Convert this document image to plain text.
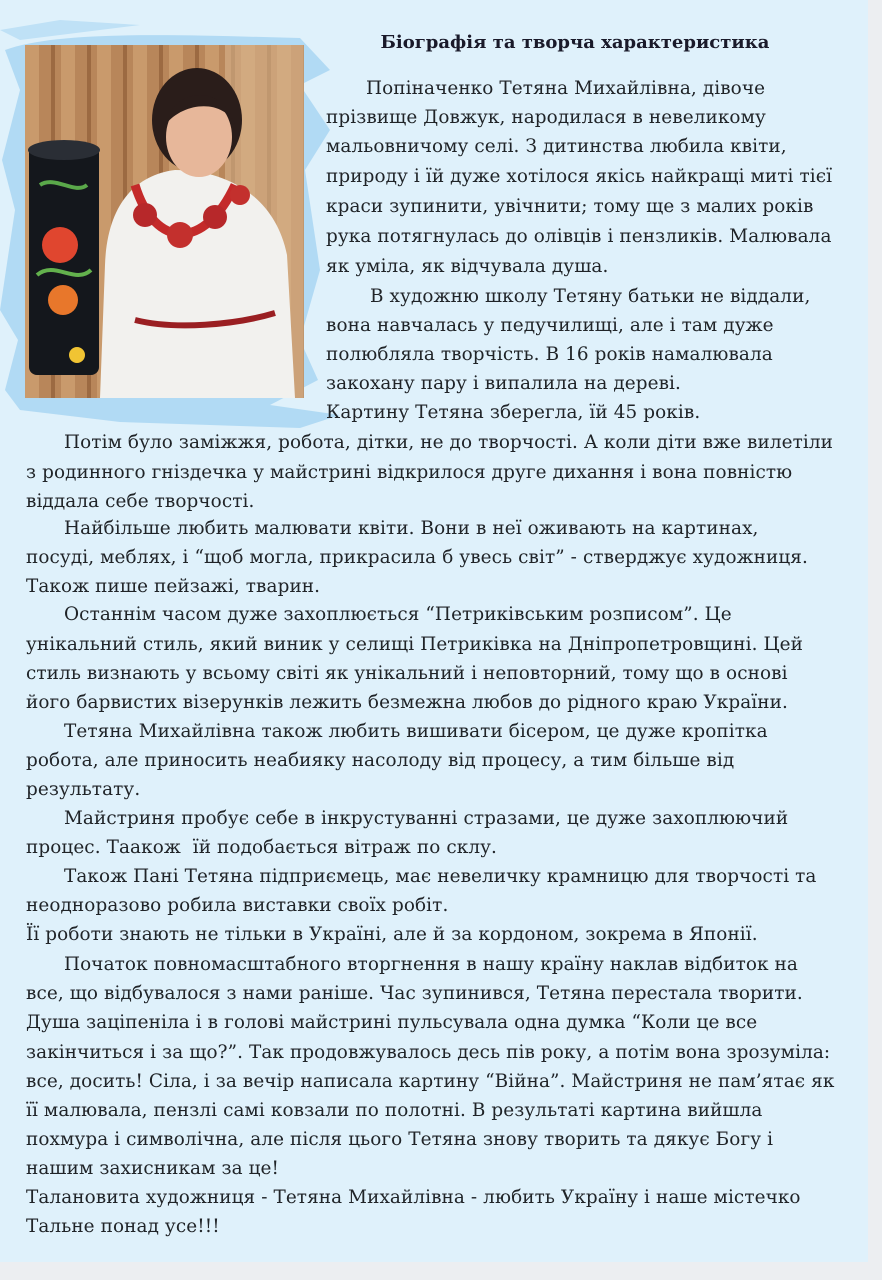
Біографія та творча характеристика
Попіначенко Тетяна Михайлівна, дівоче
прізвище Довжук, народилася в невеликому
мальовничому селі. З дитинства любила квіти,
природу і їй дуже хотілося якісь найкращі миті тієї
краси зупинити, увічнити; тому ще з малих років
рука потягнулась до олівців і пензликів. Малювала
як уміла, як відчувала душа.
В художню школу Тетяну батьки не віддали,
вона навчалась у педучилищі, але і там дуже
полюбляла творчість. В 16 років намалювала
закохану пару і випалила на дереві.
Картину Тетяна зберегла, їй 45 років.
Потім було заміжжя, робота, дітки, не до творчості. А коли діти вже вилетіли
з родинного гніздечка у майстрині відкрилося друге дихання і вона повністю
віддала себе творчості.
Найбільше любить малювати квіти. Вони в неї оживають на картинах,
посуді, меблях, і “щоб могла, прикрасила б увесь світ” - стверджує художниця.
Також пише пейзажі, тварин.
Останнім часом дуже захоплюється “Петриківським розписом”. Це
унікальний стиль, який виник у селищі Петриківка на Дніпропетровщині. Цей
стиль визнають у всьому світі як унікальний і неповторний, тому що в основі
його барвистих візерунків лежить безмежна любов до рідного краю України.
Тетяна Михайлівна також любить вишивати бісером, це дуже кропітка
робота, але приносить неабияку насолоду від процесу, а тим більше від
результату.
Майстриня пробує себе в інкрустуванні стразами, це дуже захоплюючий
процес. Таакож  їй подобається вітраж по склу.
Також Пані Тетяна підприємець, має невеличку крамницю для творчості та
неодноразово робила виставки своїх робіт.
Її роботи знають не тільки в Україні, але й за кордоном, зокрема в Японії.
Початок повномасштабного вторгнення в нашу країну наклав відбиток на
все, що відбувалося з нами раніше. Час зупинився, Тетяна перестала творити.
Душа заціпеніла і в голові майстрині пульсувала одна думка “Коли це все
закінчиться і за що?”. Так продовжувалось десь пів року, а потім вона зрозуміла:
все, досить! Сіла, і за вечір написала картину “Війна”. Майстриня не пам’ятає як
її малювала, пензлі самі ковзали по полотні. В результаті картина вийшла
похмура і символічна, але після цього Тетяна знову творить та дякує Богу і
нашим захисникам за це!
Талановита художниця - Тетяна Михайлівна - любить Україну і наше містечко
Тальне понад усе!!!
